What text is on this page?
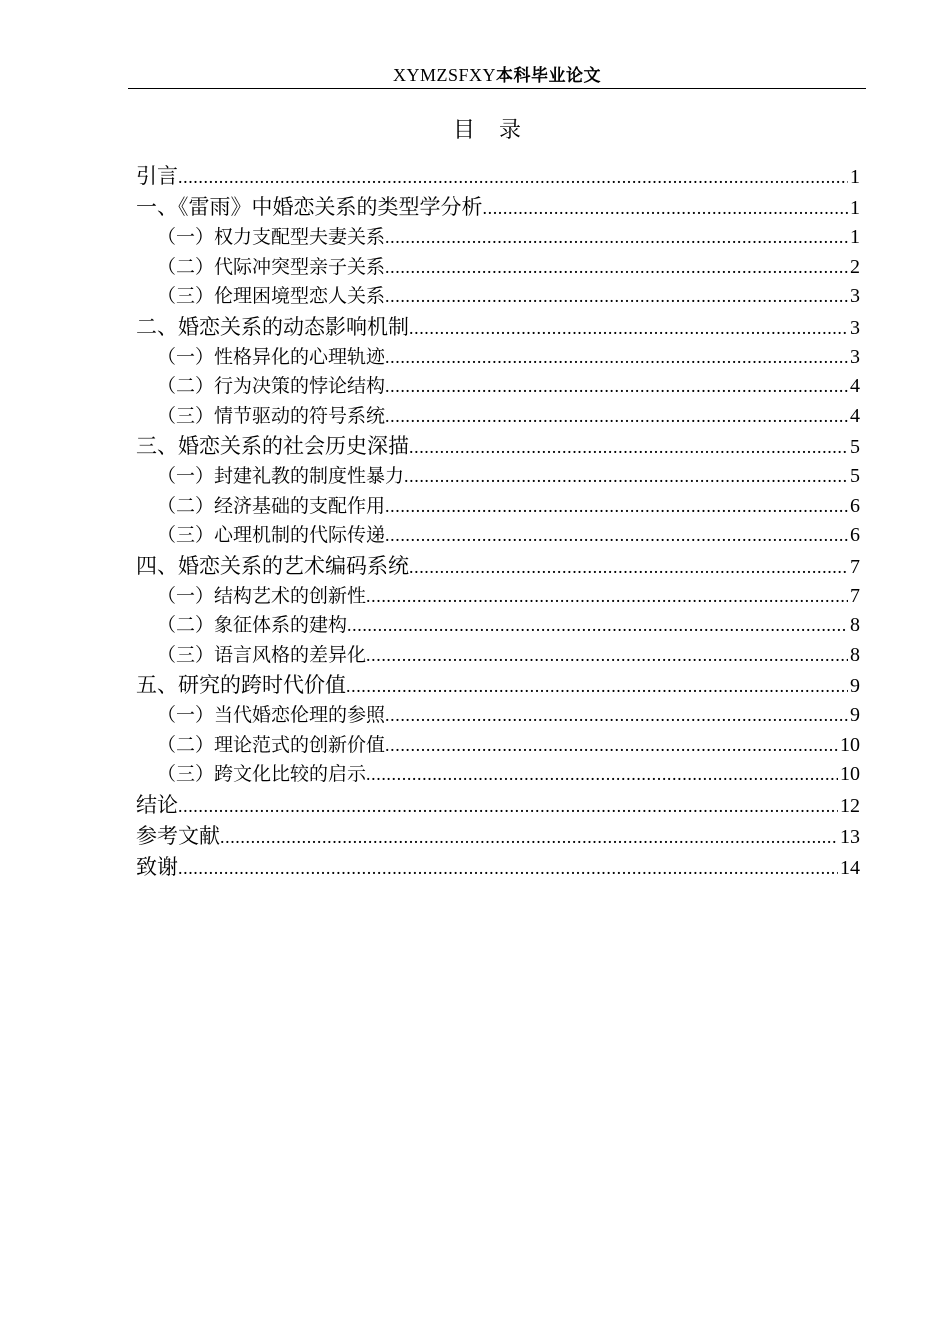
XYMZSFXY本科毕业论文
目录
引言 .....	1
一、《雷雨》中婚恋关系的类型学分析 .....	1
（一）权力支配型夫妻关系 .....	1
（二）代际冲突型亲子关系 .....	2
（三）伦理困境型恋人关系 .....	3
二、婚恋关系的动态影响机制 .....	3
（一）性格异化的心理轨迹 .....	3
（二）行为决策的悖论结构 .....	4
（三）情节驱动的符号系统 .....	4
三、婚恋关系的社会历史深描 .....	5
（一）封建礼教的制度性暴力 .....	5
（二）经济基础的支配作用 .....	6
（三）心理机制的代际传递 .....	6
四、婚恋关系的艺术编码系统 .....	7
（一）结构艺术的创新性 .....	7
（二）象征体系的建构 .....	8
（三）语言风格的差异化 .....	8
五、研究的跨时代价值 .....	9
（一）当代婚恋伦理的参照 .....	9
（二）理论范式的创新价值 .....	10
（三）跨文化比较的启示 .....	10
结论 .....	12
参考文献 .....	13
致谢 .....	14
